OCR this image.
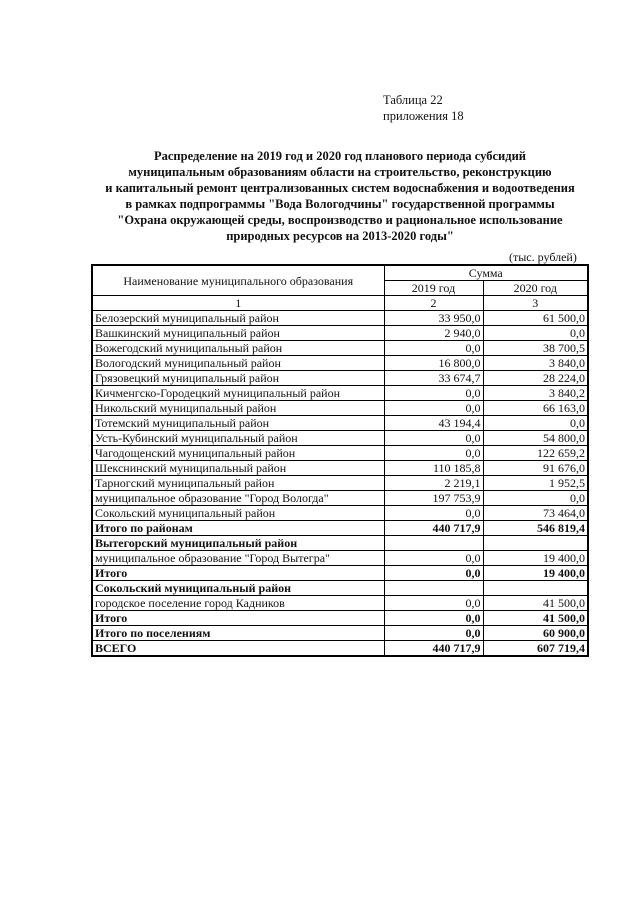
Таблица 22
приложения 18
Распределение на 2019 год и 2020 год планового периода субсидий
муниципальным образованиям области на строительство, реконструкцию
и капитальный ремонт централизованных систем водоснабжения и водоотведения
в рамках подпрограммы "Вода Вологодчины" государственной программы
"Охрана окружающей среды, воспроизводство и рациональное использование
природных ресурсов на 2013-2020 годы"
(тыс. рублей)
Наименование муниципального образования	Сумма	
	2019 год	2020 год
1	2	3
Белозерский муниципальный район	33 950,0	61 500,0
Вашкинский муниципальный район	2 940,0	0,0
Вожегодский муниципальный район	0,0	38 700,5
Вологодский муниципальный район	16 800,0	3 840,0
Грязовецкий муниципальный район	33 674,7	28 224,0
Кичменгско-Городецкий муниципальный район	0,0	3 840,2
Никольский муниципальный район	0,0	66 163,0
Тотемский муниципальный район	43 194,4	0,0
Усть-Кубинский муниципальный район	0,0	54 800,0
Чагодощенский муниципальный район	0,0	122 659,2
Шекснинский муниципальный район	110 185,8	91 676,0
Тарногский муниципальный район	2 219,1	1 952,5
муниципальное образование "Город Вологда"	197 753,9	0,0
Сокольский муниципальный район	0,0	73 464,0
Итого по районам	440 717,9	546 819,4
Вытегорский муниципальный район		
муниципальное образование "Город Вытегра"	0,0	19 400,0
Итого	0,0	19 400,0
Сокольский муниципальный район		
городское поселение город Кадников	0,0	41 500,0
Итого	0,0	41 500,0
Итого по поселениям	0,0	60 900,0
ВСЕГО	440 717,9	607 719,4
